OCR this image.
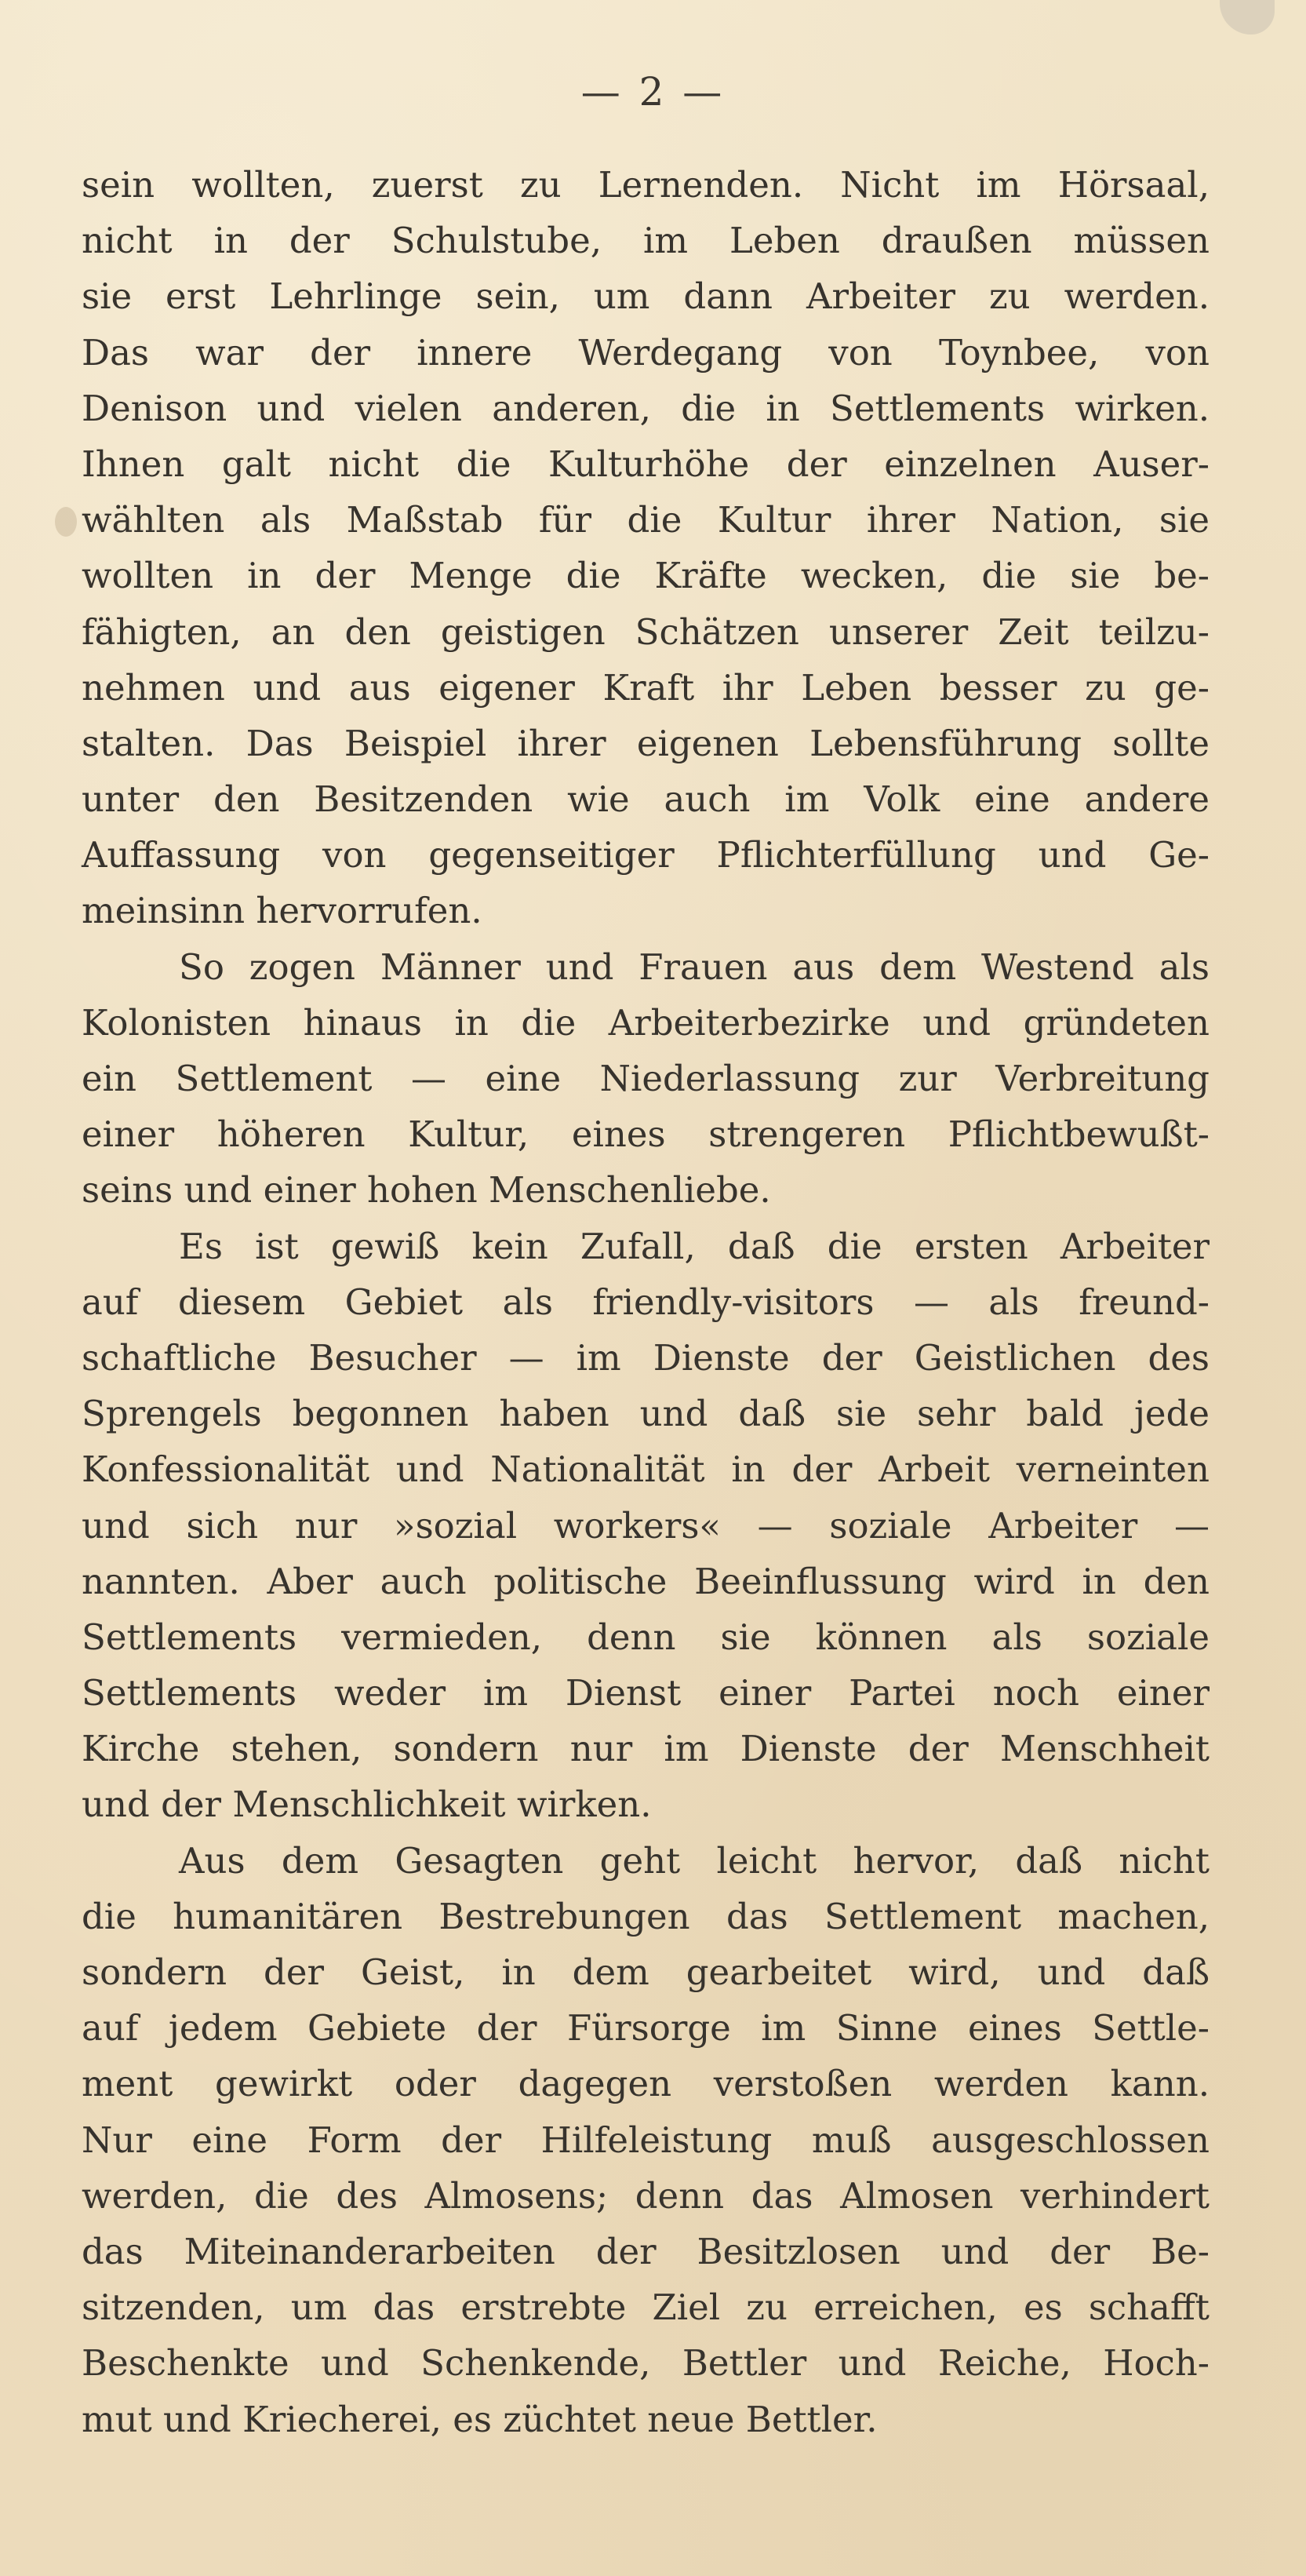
— 2 —
sein wollten, zuerst zu Lernenden. Nicht im Hörsaal,
nicht in der Schulstube, im Leben draußen müssen
sie erst Lehrlinge sein, um dann Arbeiter zu werden.
Das war der innere Werdegang von Toynbee, von
Denison und vielen anderen, die in Settlements wirken.
Ihnen galt nicht die Kulturhöhe der einzelnen Auser-
wählten als Maßstab für die Kultur ihrer Nation, sie
wollten in der Menge die Kräfte wecken, die sie be-
fähigten, an den geistigen Schätzen unserer Zeit teilzu-
nehmen und aus eigener Kraft ihr Leben besser zu ge-
stalten. Das Beispiel ihrer eigenen Lebensführung sollte
unter den Besitzenden wie auch im Volk eine andere
Auffassung von gegenseitiger Pflichterfüllung und Ge-
meinsinn hervorrufen.
So zogen Männer und Frauen aus dem Westend als
Kolonisten hinaus in die Arbeiterbezirke und gründeten
ein Settlement — eine Niederlassung zur Verbreitung
einer höheren Kultur, eines strengeren Pflichtbewußt-
seins und einer hohen Menschenliebe.
Es ist gewiß kein Zufall, daß die ersten Arbeiter
auf diesem Gebiet als friendly-visitors — als freund-
schaftliche Besucher — im Dienste der Geistlichen des
Sprengels begonnen haben und daß sie sehr bald jede
Konfessionalität und Nationalität in der Arbeit verneinten
und sich nur »sozial workers« — soziale Arbeiter —
nannten. Aber auch politische Beeinflussung wird in den
Settlements vermieden, denn sie können als soziale
Settlements weder im Dienst einer Partei noch einer
Kirche stehen, sondern nur im Dienste der Menschheit
und der Menschlichkeit wirken.
Aus dem Gesagten geht leicht hervor, daß nicht
die humanitären Bestrebungen das Settlement machen,
sondern der Geist, in dem gearbeitet wird, und daß
auf jedem Gebiete der Fürsorge im Sinne eines Settle-
ment gewirkt oder dagegen verstoßen werden kann.
Nur eine Form der Hilfeleistung muß ausgeschlossen
werden, die des Almosens; denn das Almosen verhindert
das Miteinanderarbeiten der Besitzlosen und der Be-
sitzenden, um das erstrebte Ziel zu erreichen, es schafft
Beschenkte und Schenkende, Bettler und Reiche, Hoch-
mut und Kriecherei, es züchtet neue Bettler.
